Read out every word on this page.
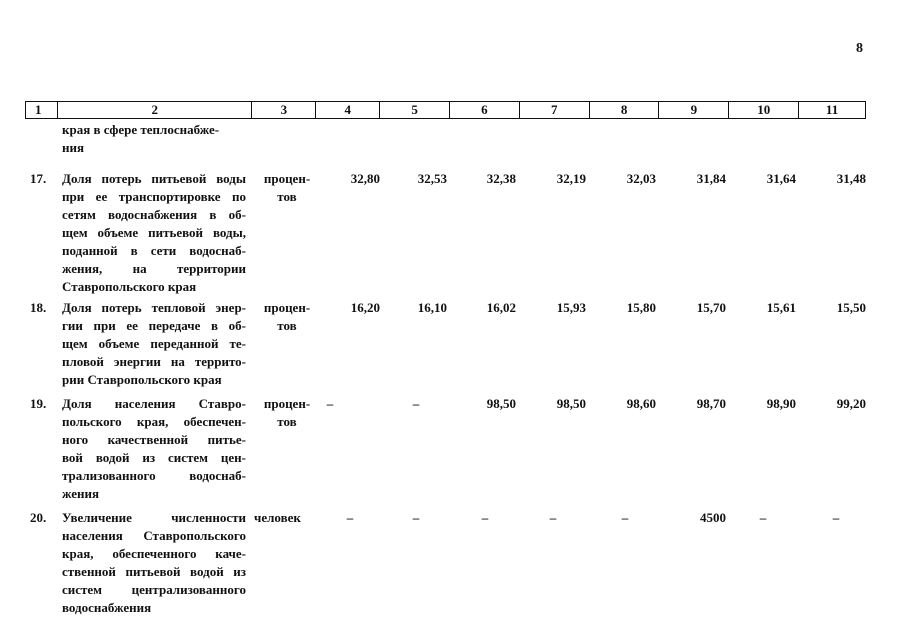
8
1	2	3	4	5	6	7	8	9	10	11
края в сфере теплоснабже-
ния
17. Доля потерь питьевой воды
при ее транспортировке по
сетям водоснабжения в об-
щем объеме питьевой воды,
поданной в сети водоснаб-
жения, на территории
Ставропольского края
процен-
тов
32,80	32,53	32,38	32,19	32,03	31,84	31,64	31,48
18. Доля потерь тепловой энер-
гии при ее передаче в об-
щем объеме переданной те-
пловой энергии на террито-
рии Ставропольского края
процен-
тов
16,20	16,10	16,02	15,93	15,80	15,70	15,61	15,50
19. Доля населения Ставро-
польского края, обеспечен-
ного качественной питье-
вой водой из систем цен-
трализованного водоснаб-
жения
процен-
тов
–	–	98,50	98,50	98,60	98,70	98,90	99,20
20. Увеличение численности
населения Ставропольского
края, обеспеченного каче-
ственной питьевой водой из
систем централизованного
водоснабжения
человек	–	–	–	–	–	4500	–	–
